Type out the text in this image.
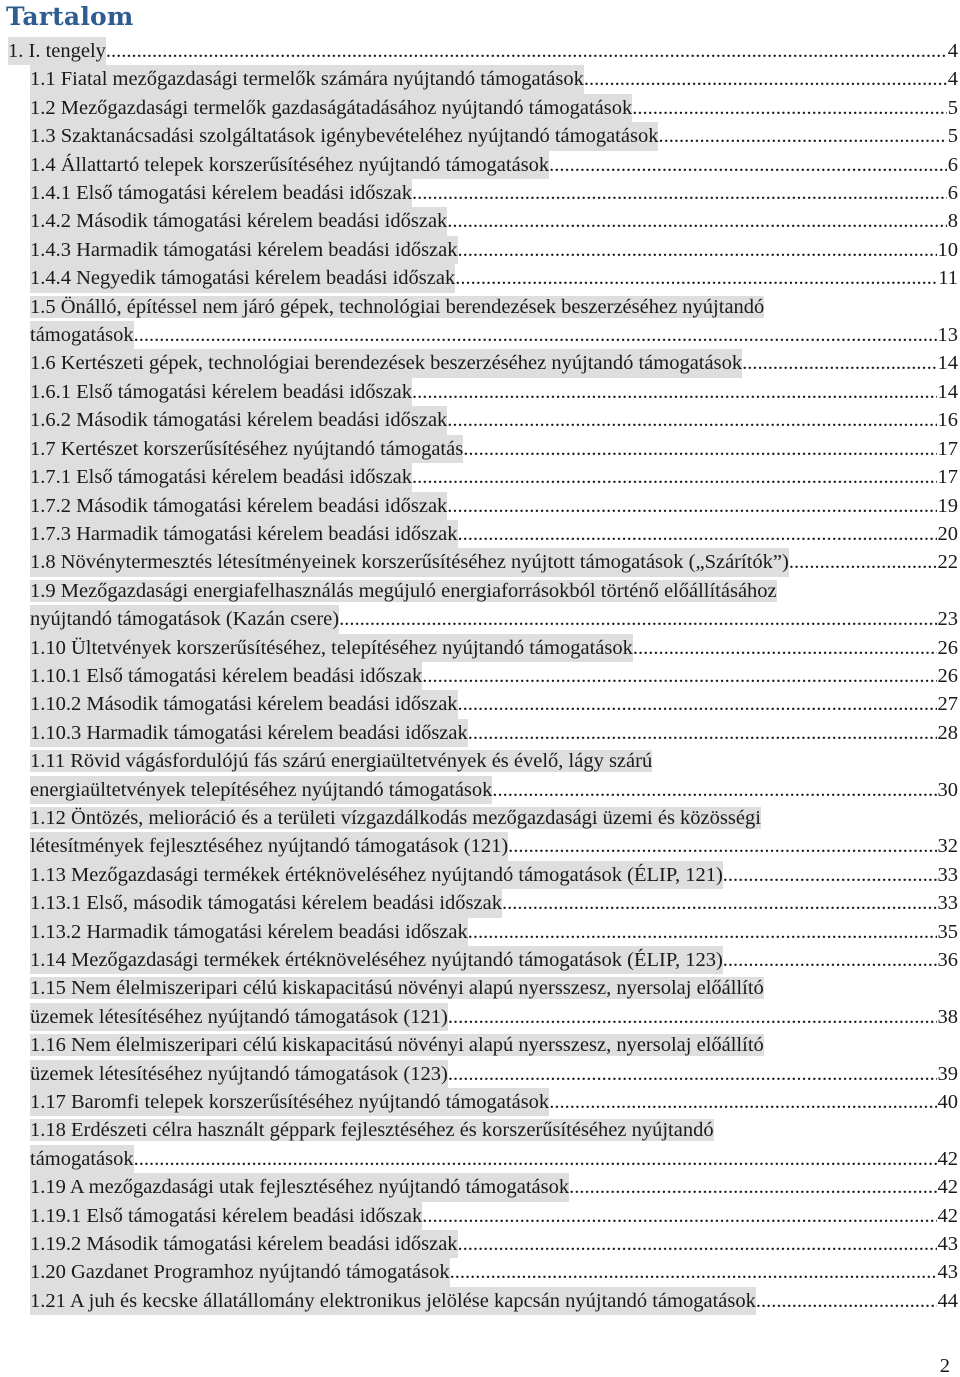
Tartalom
1. I. tengely .....	4
1.1 Fiatal mezőgazdasági termelők számára nyújtandó támogatások .....	4
1.2 Mezőgazdasági termelők gazdaságátadásához nyújtandó támogatások .....	5
1.3 Szaktanácsadási szolgáltatások igénybevételéhez nyújtandó támogatások .....	5
1.4 Állattartó telepek korszerűsítéséhez nyújtandó támogatások .....	6
1.4.1 Első támogatási kérelem beadási időszak .....	6
1.4.2 Második támogatási kérelem beadási időszak .....	8
1.4.3 Harmadik támogatási kérelem beadási időszak .....	10
1.4.4 Negyedik támogatási kérelem beadási időszak .....	11
1.5 Önálló, építéssel nem járó gépek, technológiai berendezések beszerzéséhez nyújtandó
támogatások .....	13
1.6 Kertészeti gépek, technológiai berendezések beszerzéséhez nyújtandó támogatások .....	14
1.6.1 Első támogatási kérelem beadási időszak .....	14
1.6.2 Második támogatási kérelem beadási időszak .....	16
1.7 Kertészet korszerűsítéséhez nyújtandó támogatás .....	17
1.7.1 Első támogatási kérelem beadási időszak .....	17
1.7.2 Második támogatási kérelem beadási időszak .....	19
1.7.3 Harmadik támogatási kérelem beadási időszak .....	20
1.8 Növénytermesztés létesítményeinek korszerűsítéséhez nyújtott támogatások („Szárítók”) .....	22
1.9 Mezőgazdasági energiafelhasználás megújuló energiaforrásokból történő előállításához
nyújtandó támogatások (Kazán csere) .....	23
1.10 Ültetvények korszerűsítéséhez, telepítéséhez nyújtandó támogatások .....	26
1.10.1 Első támogatási kérelem beadási időszak .....	26
1.10.2 Második támogatási kérelem beadási időszak .....	27
1.10.3 Harmadik támogatási kérelem beadási időszak .....	28
1.11 Rövid vágásfordulójú fás szárú energiaültetvények és évelő, lágy szárú
energiaültetvények telepítéséhez nyújtandó támogatások .....	30
1.12 Öntözés, melioráció és a területi vízgazdálkodás mezőgazdasági üzemi és közösségi
létesítmények fejlesztéséhez nyújtandó támogatások (121) .....	32
1.13 Mezőgazdasági termékek értéknöveléséhez nyújtandó támogatások (ÉLIP, 121) .....	33
1.13.1 Első, második támogatási kérelem beadási időszak .....	33
1.13.2 Harmadik támogatási kérelem beadási időszak .....	35
1.14 Mezőgazdasági termékek értéknöveléséhez nyújtandó támogatások (ÉLIP, 123) .....	36
1.15 Nem élelmiszeripari célú kiskapacitású növényi alapú nyersszesz, nyersolaj előállító
üzemek létesítéséhez nyújtandó támogatások (121) .....	38
1.16 Nem élelmiszeripari célú kiskapacitású növényi alapú nyersszesz, nyersolaj előállító
üzemek létesítéséhez nyújtandó támogatások (123) .....	39
1.17 Baromfi telepek korszerűsítéséhez nyújtandó támogatások .....	40
1.18 Erdészeti célra használt géppark fejlesztéséhez és korszerűsítéséhez nyújtandó
támogatások .....	42
1.19 A mezőgazdasági utak fejlesztéséhez nyújtandó támogatások .....	42
1.19.1 Első támogatási kérelem beadási időszak .....	42
1.19.2 Második támogatási kérelem beadási időszak .....	43
1.20 Gazdanet Programhoz nyújtandó támogatások .....	43
1.21 A juh és kecske állatállomány elektronikus jelölése kapcsán nyújtandó támogatások .....	44
2
